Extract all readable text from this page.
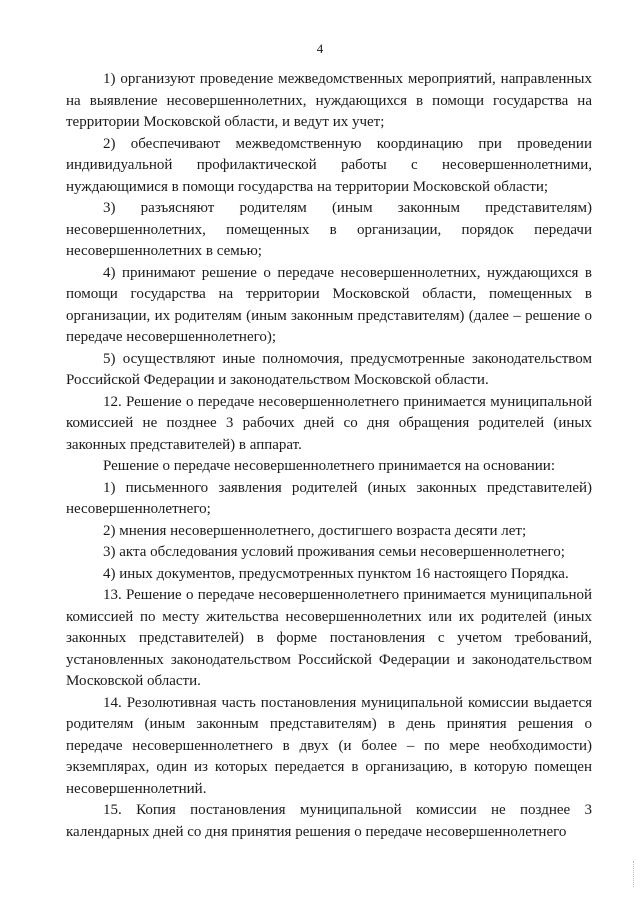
4

1) организуют проведение межведомственных мероприятий, направленных на выявление несовершеннолетних, нуждающихся в помощи государства на территории Московской области, и ведут их учет;

2) обеспечивают межведомственную координацию при проведении индивидуальной профилактической работы с несовершеннолетними, нуждающимися в помощи государства на территории Московской области;

3) разъясняют родителям (иным законным представителям) несовершеннолетних, помещенных в организации, порядок передачи несовершеннолетних в семью;

4) принимают решение о передаче несовершеннолетних, нуждающихся в помощи государства на территории Московской области, помещенных в организации, их родителям (иным законным представителям) (далее – решение о передаче несовершеннолетнего);

5) осуществляют иные полномочия, предусмотренные законодательством Российской Федерации и законодательством Московской области.

12. Решение о передаче несовершеннолетнего принимается муниципальной комиссией не позднее 3 рабочих дней со дня обращения родителей (иных законных представителей) в аппарат.

Решение о передаче несовершеннолетнего принимается на основании:

1) письменного заявления родителей (иных законных представителей) несовершеннолетнего;

2) мнения несовершеннолетнего, достигшего возраста десяти лет;

3) акта обследования условий проживания семьи несовершеннолетнего;

4) иных документов, предусмотренных пунктом 16 настоящего Порядка.

13. Решение о передаче несовершеннолетнего принимается муниципальной комиссией по месту жительства несовершеннолетних или их родителей (иных законных представителей) в форме постановления с учетом требований, установленных законодательством Российской Федерации и законодательством Московской области.

14. Резолютивная часть постановления муниципальной комиссии выдается родителям (иным законным представителям) в день принятия решения о передаче несовершеннолетнего в двух (и более – по мере необходимости) экземплярах, один из которых передается в организацию, в которую помещен несовершеннолетний.

15. Копия постановления муниципальной комиссии не позднее 3 календарных дней со дня принятия решения о передаче несовершеннолетнего
